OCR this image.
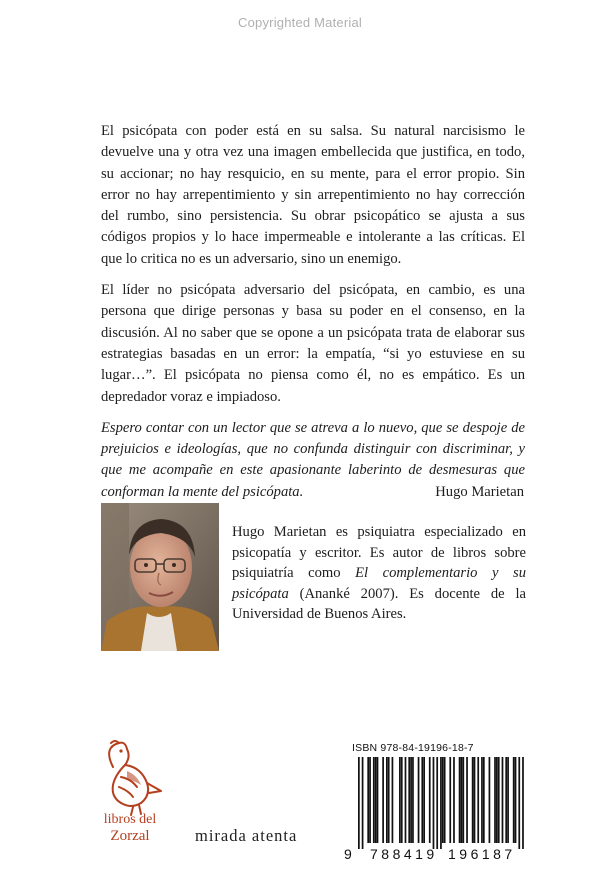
Copyrighted Material

El psicópata con poder está en su salsa. Su natural narcisismo le devuelve una y otra vez una imagen embellecida que justifica, en todo, su accionar; no hay resquicio, en su mente, para el error propio. Sin error no hay arrepentimiento y sin arrepentimiento no hay corrección del rumbo, sino persistencia. Su obrar psicopático se ajusta a sus códigos propios y lo hace impermeable e intolerante a las críticas. El que lo critica no es un adversario, sino un enemigo.

El líder no psicópata adversario del psicópata, en cambio, es una persona que dirige personas y basa su poder en el consenso, en la discusión. Al no saber que se opone a un psicópata trata de elaborar sus estrategias basadas en un error: la empatía, “si yo estuviese en su lugar…”. El psicópata no piensa como él, no es empático. Es un depredador voraz e impiadoso.

Espero contar con un lector que se atreva a lo nuevo, que se despoje de prejuicios e ideologías, que no confunda distinguir con discriminar, y que me acompañe en este apasionante laberinto de desmesuras que conforman la mente del psicópata.	Hugo Marietan
Hugo Marietan es psiquiatra especializado en psicopatía y escritor. Es autor de libros sobre psiquiatría como El complementario y su psicópata (Ananké 2007). Es docente de la Universidad de Buenos Aires.
libros del
Zorzal	mirada atenta
ISBN 978-84-19196-18-7
9 788419 196187
